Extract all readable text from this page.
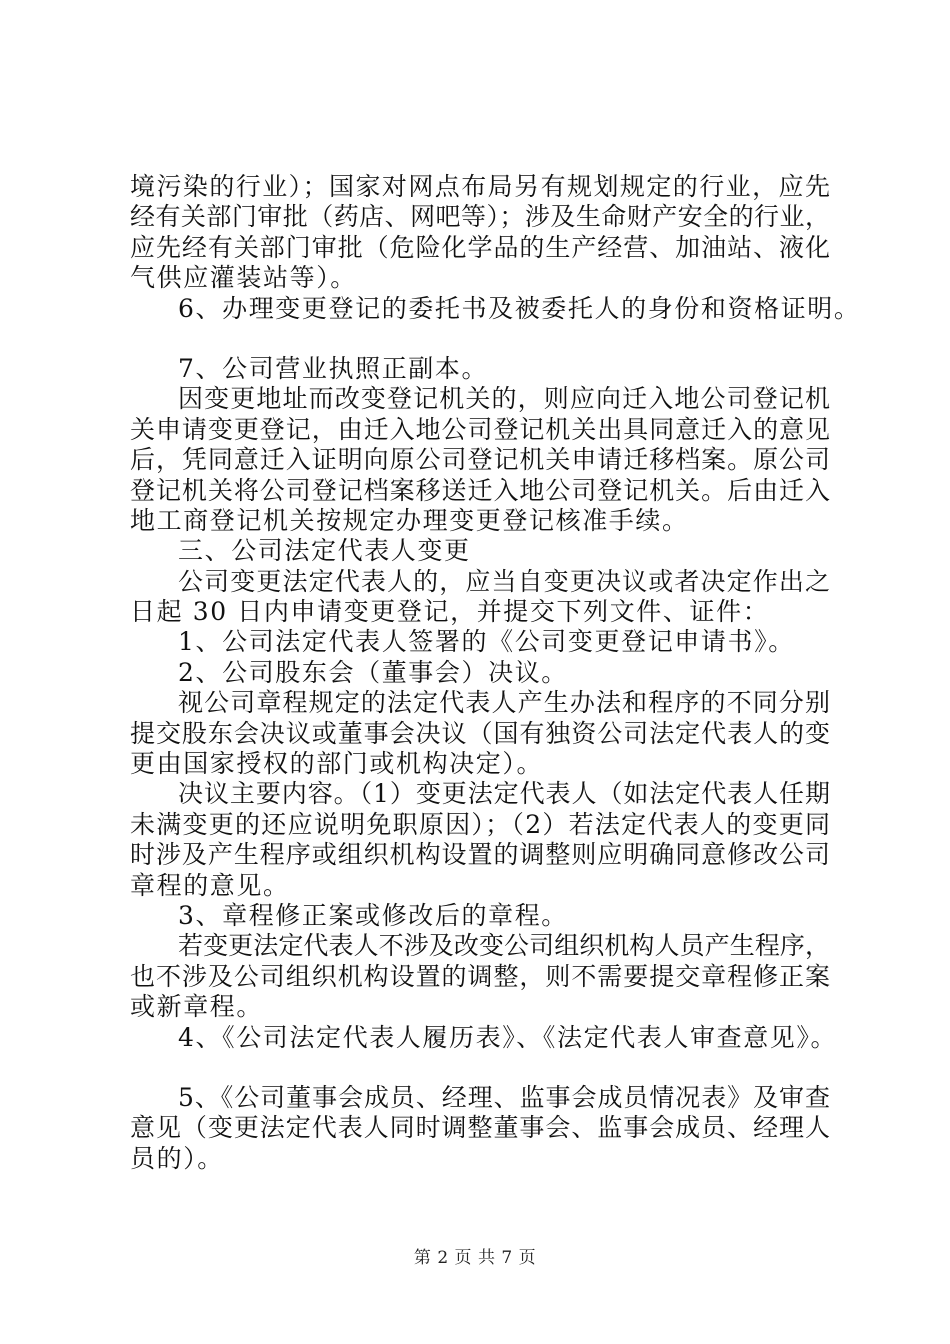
境污染的行业）；国家对网点布局另有规划规定的行业，应先
经有关部门审批（药店、网吧等）；涉及生命财产安全的行业，
应先经有关部门审批（危险化学品的生产经营、加油站、液化
气供应灌装站等）。
6、办理变更登记的委托书及被委托人的身份和资格证明。
7、公司营业执照正副本。
因变更地址而改变登记机关的，则应向迁入地公司登记机
关申请变更登记，由迁入地公司登记机关出具同意迁入的意见
后，凭同意迁入证明向原公司登记机关申请迁移档案。原公司
登记机关将公司登记档案移送迁入地公司登记机关。后由迁入
地工商登记机关按规定办理变更登记核准手续。
三、公司法定代表人变更
公司变更法定代表人的，应当自变更决议或者决定作出之
日起 30 日内申请变更登记，并提交下列文件、证件：
1、公司法定代表人签署的《公司变更登记申请书》。
2、公司股东会（董事会）决议。
视公司章程规定的法定代表人产生办法和程序的不同分别
提交股东会决议或董事会决议（国有独资公司法定代表人的变
更由国家授权的部门或机构决定）。
决议主要内容。（1）变更法定代表人（如法定代表人任期
未满变更的还应说明免职原因）；（2）若法定代表人的变更同
时涉及产生程序或组织机构设置的调整则应明确同意修改公司
章程的意见。
3、章程修正案或修改后的章程。
若变更法定代表人不涉及改变公司组织机构人员产生程序，
也不涉及公司组织机构设置的调整，则不需要提交章程修正案
或新章程。
4、《公司法定代表人履历表》、《法定代表人审查意见》。
5、《公司董事会成员、经理、监事会成员情况表》及审查
意见（变更法定代表人同时调整董事会、监事会成员、经理人
员的）。
第 2 页 共 7 页
